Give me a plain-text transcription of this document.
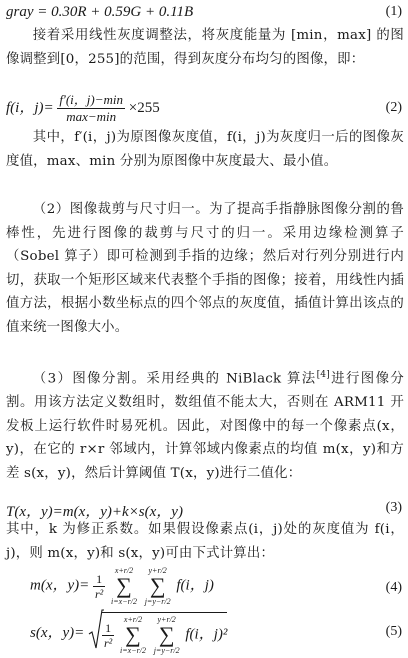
gray = 0.30R + 0.59G + 0.11B	(1)

接着采用线性灰度调整法，将灰度能量为 [min，max] 的图像调整到[0，255]的范围，得到灰度分布均匀的图像，即：

f(i，$j)= \frac{f'(i,j)-\min}{\max-\min} \times 255$	(2)

其中，f′(i，j)为原图像灰度值，f(i，j)为灰度归一后的图像灰度值，max、min 分别为原图像中灰度最大、最小值。

（2）图像裁剪与尺寸归一。为了提高手指静脉图像分割的鲁棒性，先进行图像的裁剪与尺寸的归一。采用边缘检测算子（Sobel 算子）即可检测到手指的边缘；然后对行列分别进行内切，获取一个矩形区域来代表整个手指的图像；接着，用线性内插值方法，根据小数坐标点的四个邻点的灰度值，插值计算出该点的值来统一图像大小。

（3）图像分割。采用经典的 NiBlack 算法[4]进行图像分割。用该方法定义数组时，数组值不能太大，否则在 ARM11 开发板上运行软件时易死机。因此，对图像中的每一个像素点(x，y)，在它的 r×r 邻域内，计算邻域内像素点的均值 m(x，y)和方差 s(x，y)，然后计算阈值 T(x，y)进行二值化：

T(x，y)=m(x，y)+k×s(x，y)	(3)

其中，k 为修正系数。如果假设像素点(i，j)处的灰度值为 f(i，j)，则 m(x，y)和 s(x，y)可由下式计算出：

m(x，$y)= \frac{1}{\text{r²}}$

x+r/2
∑
i=x−r/2

y+r/2
∑
j=y−r/2
f(i，j)	(4)
s(x，$y)= \frac{1}{\text{r²}}$

x+r/2
∑
i=x−r/2

y+r/2
∑
j=y−r/2
f(i，j)²	(5)
